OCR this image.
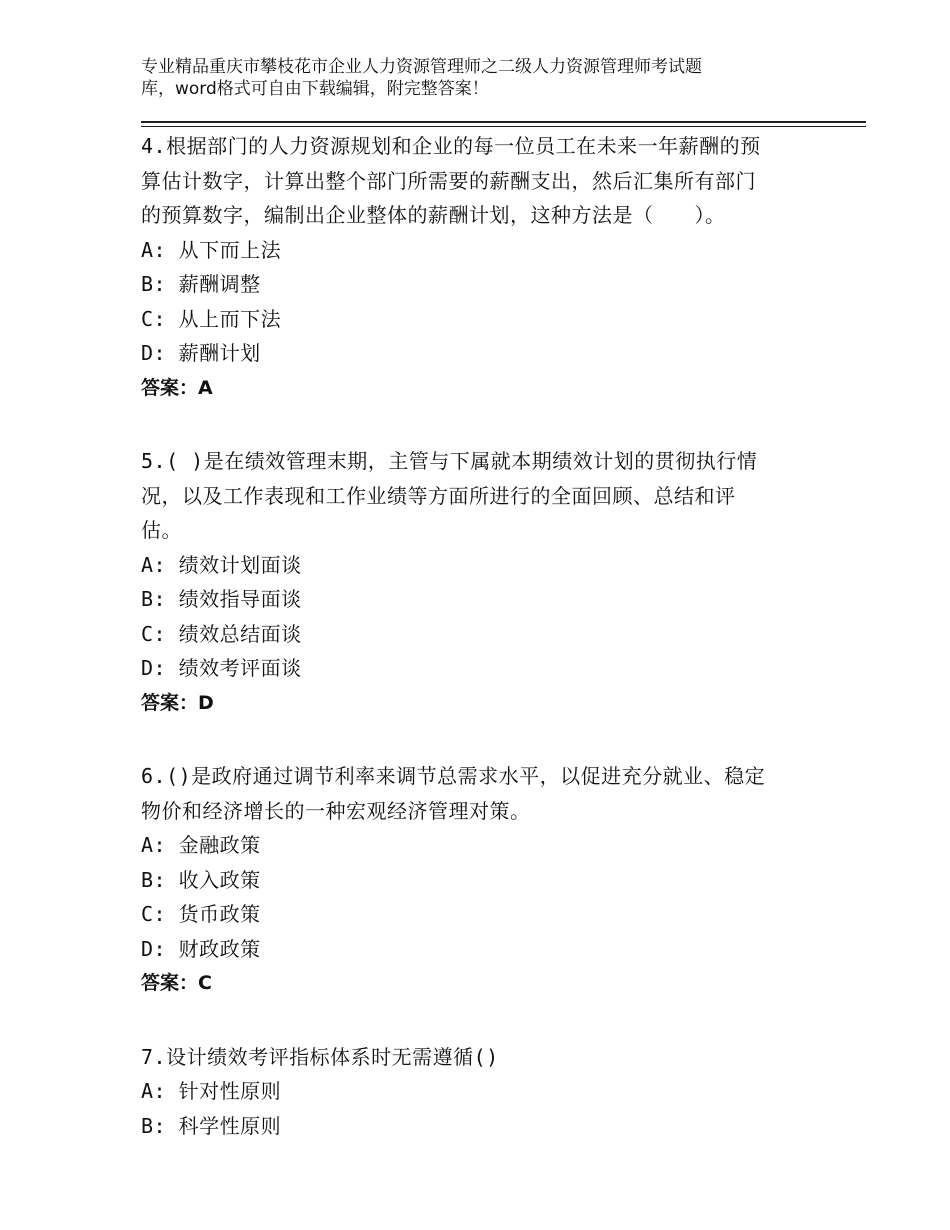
专业精品重庆市攀枝花市企业人力资源管理师之二级人力资源管理师考试题
库，word格式可自由下载编辑，附完整答案！
4.根据部门的人力资源规划和企业的每一位员工在未来一年薪酬的预
算估计数字，计算出整个部门所需要的薪酬支出，然后汇集所有部门
的预算数字，编制出企业整体的薪酬计划，这种方法是（　　）。
A: 从下而上法
B: 薪酬调整
C: 从上而下法
D: 薪酬计划
答案：A
5.( )是在绩效管理末期，主管与下属就本期绩效计划的贯彻执行情
况，以及工作表现和工作业绩等方面所进行的全面回顾、总结和评
估。
A: 绩效计划面谈
B: 绩效指导面谈
C: 绩效总结面谈
D: 绩效考评面谈
答案：D
6.()是政府通过调节利率来调节总需求水平，以促进充分就业、稳定
物价和经济增长的一种宏观经济管理对策。
A: 金融政策
B: 收入政策
C: 货币政策
D: 财政政策
答案：C
7.设计绩效考评指标体系时无需遵循()
A: 针对性原则
B: 科学性原则
